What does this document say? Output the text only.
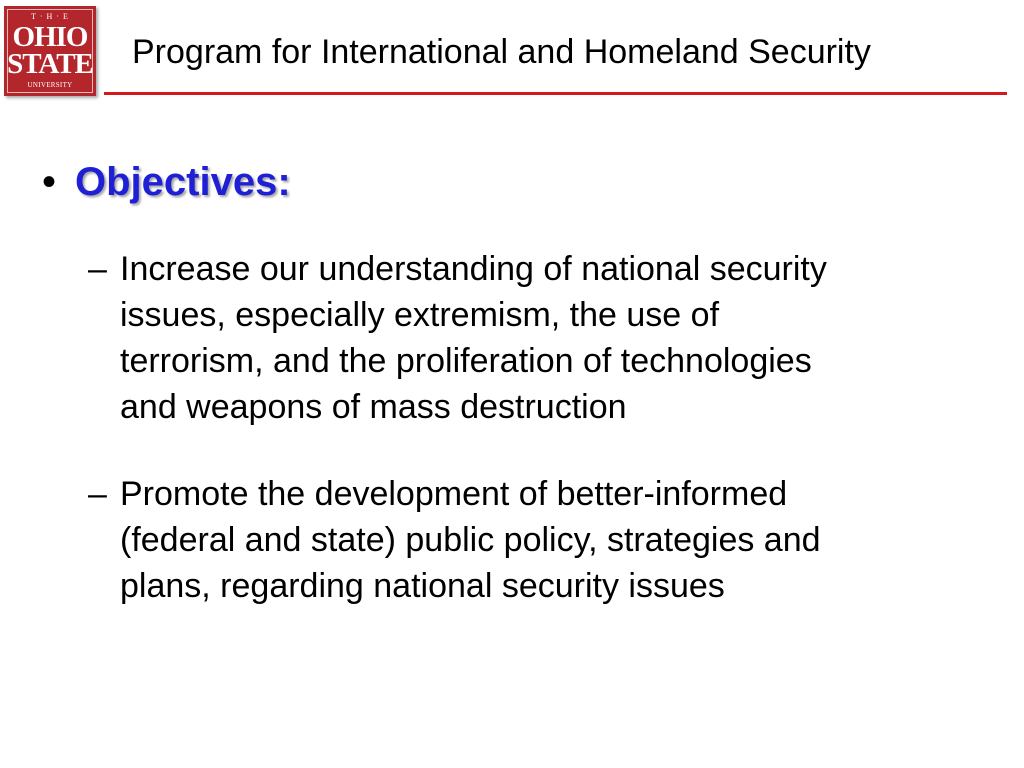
T · H · E
OHIO
STATE
UNIVERSITY
Program for International and Homeland Security
• Objectives:
– Increase our understanding of national security
issues, especially extremism, the use of
terrorism, and the proliferation of technologies
and weapons of mass destruction
– Promote the development of better-informed
(federal and state) public policy, strategies and
plans, regarding national security issues
